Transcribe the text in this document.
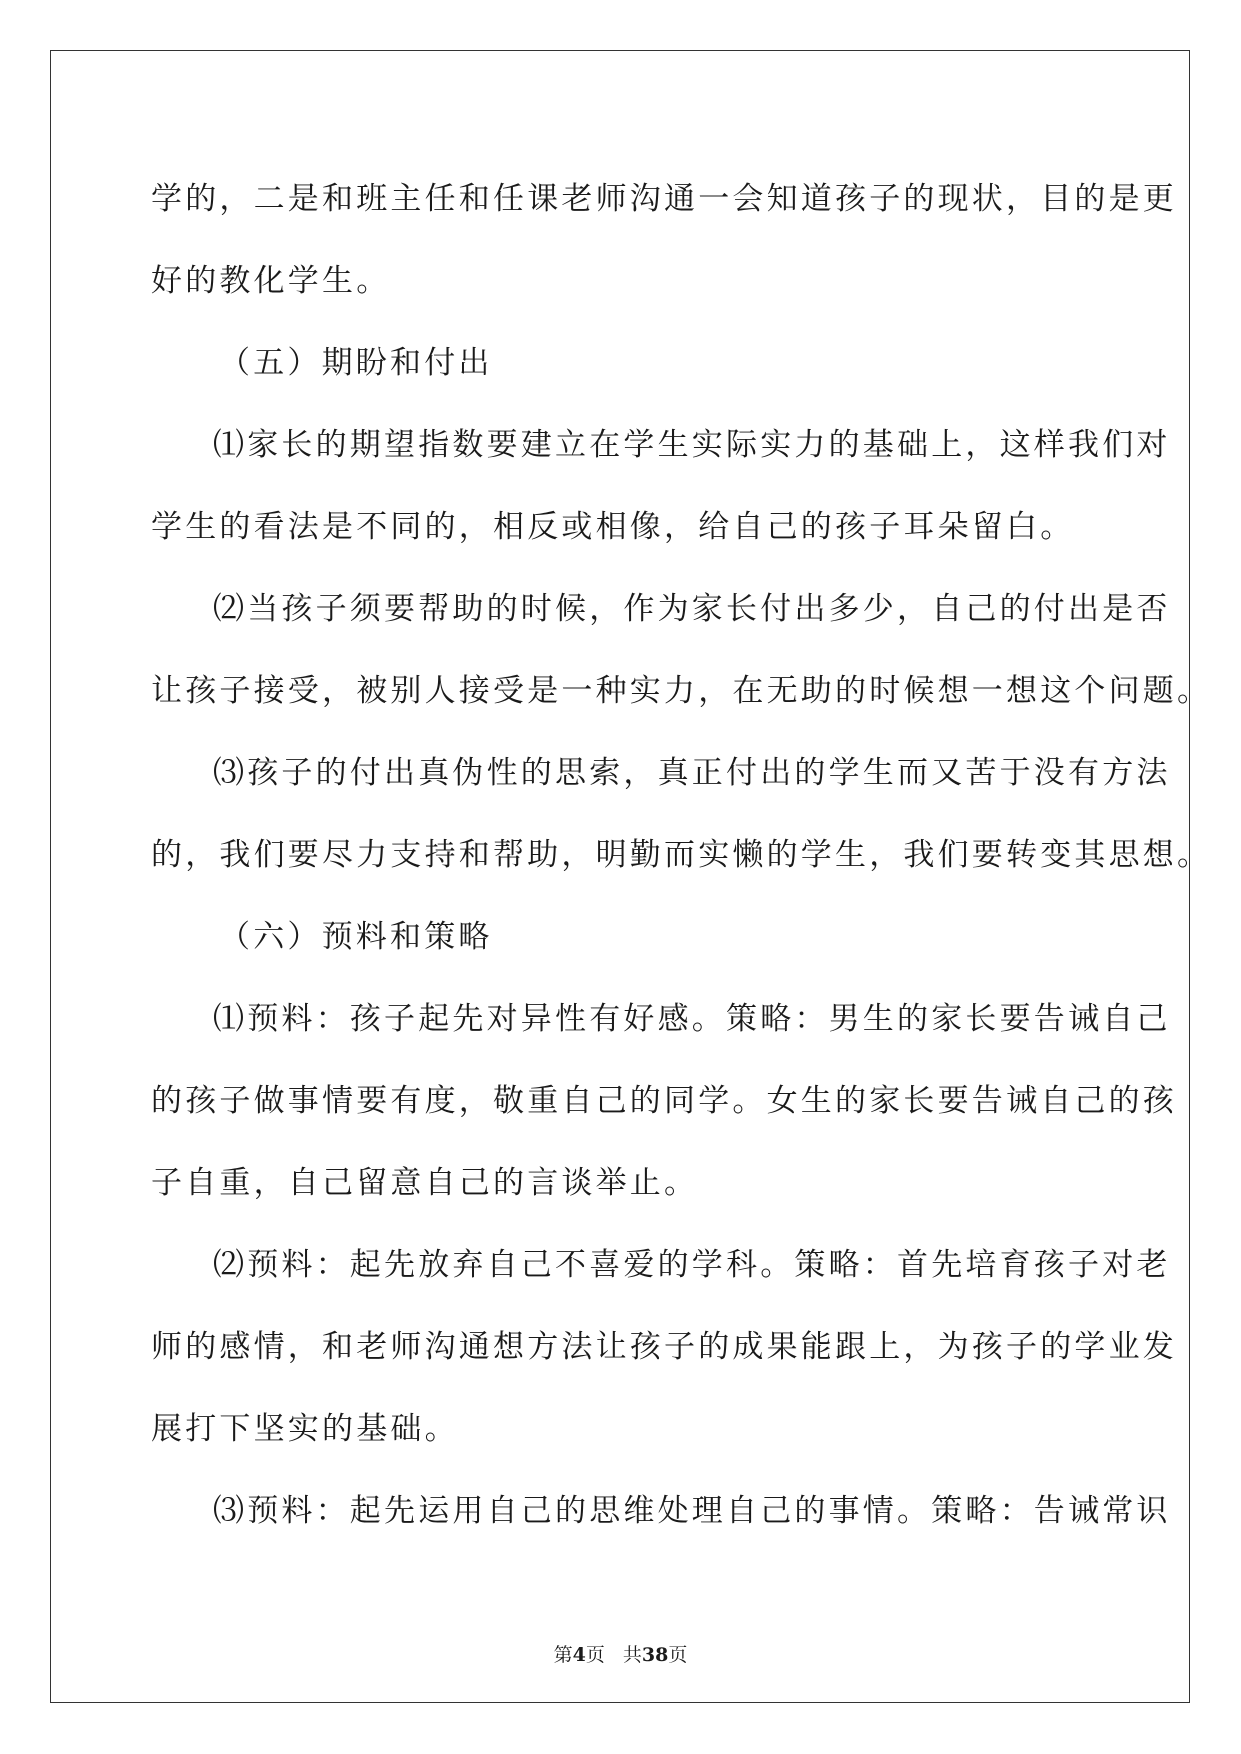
学的，二是和班主任和任课老师沟通一会知道孩子的现状，目的是更
好的教化学生。
（五）期盼和付出
⑴家长的期望指数要建立在学生实际实力的基础上，这样我们对
学生的看法是不同的，相反或相像，给自己的孩子耳朵留白。
⑵当孩子须要帮助的时候，作为家长付出多少，自己的付出是否
让孩子接受，被别人接受是一种实力，在无助的时候想一想这个问题。
⑶孩子的付出真伪性的思索，真正付出的学生而又苦于没有方法
的，我们要尽力支持和帮助，明勤而实懒的学生，我们要转变其思想。
（六）预料和策略
⑴预料：孩子起先对异性有好感。策略：男生的家长要告诫自己
的孩子做事情要有度，敬重自己的同学。女生的家长要告诫自己的孩
子自重，自己留意自己的言谈举止。
⑵预料：起先放弃自己不喜爱的学科。策略：首先培育孩子对老
师的感情，和老师沟通想方法让孩子的成果能跟上，为孩子的学业发
展打下坚实的基础。
⑶预料：起先运用自己的思维处理自己的事情。策略：告诫常识
第4页 共38页
